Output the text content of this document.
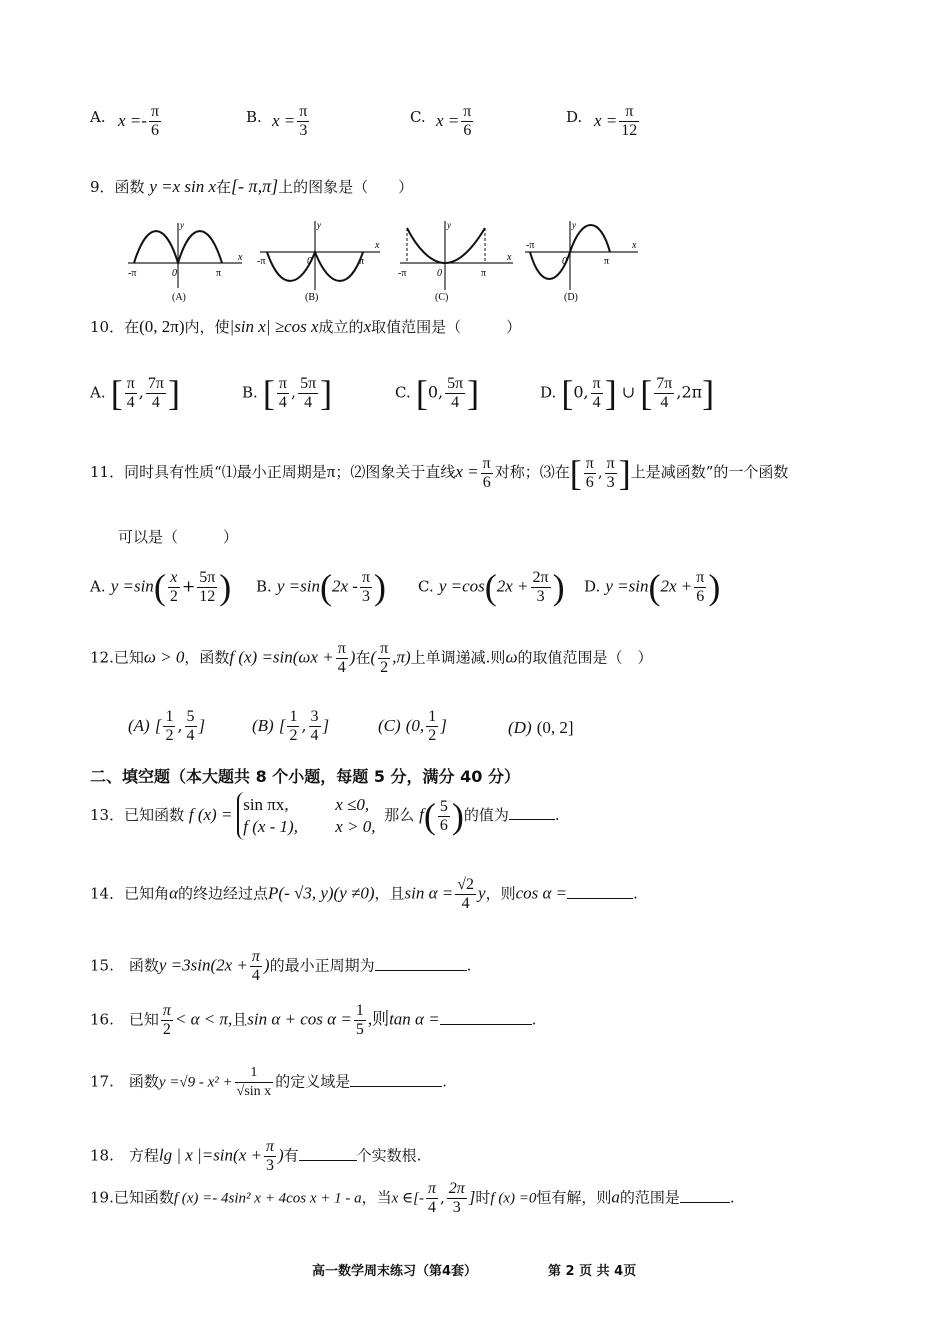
A. $x =- \frac{\pi}{6}$	B. $x = \frac{\pi}{3}$	C. $x = \frac{\pi}{6}$	D. $x = \frac{\pi}{12}$
9．函数 y =x sin x在[- π,π]上的图象是（　　）
y
x
-π	0	π
(A)
y
x
-π	0	π
(B)
y
x
-π	0	π
(C)
y
x
-π
0	π
(D)
10．在(0, 2π)内，使|sin x| ≥cos x成立的x取值范围是（　　　）
A. [ $\frac{\pi}{4}$ , $\frac{7\pi}{4}$ ]	B. [ $\frac{\pi}{4}$ , $\frac{5\pi}{4}$ ]	C. [0, $\frac{5\pi}{4}$ ]	D. [0, $\frac{\pi}{4}$ ] ∪ [ $\frac{7\pi}{4} ,2\pi$]
11．同时具有性质“⑴最小正周期是π；⑵图象关于直线$x = \frac{\pi}{6}$ 对称；⑶在[ $\frac{\pi}{6}$ , $\frac{\pi}{3}$ ]上是减函数”的一个函数
可以是（　　　）
A. $y =\sin( \frac{x}{2} + \frac{5\pi}{12}$ ) B. $y =\sin(2x - \frac{\pi}{3}$ ) C. $y =\cos(2x + \frac{2\pi}{3}$ ) D. $y =\sin(2x + \frac{\pi}{6}$ )
12.已知ω > 0，函数f $(x) =\sin(\omega x + \frac{\pi}{4}$ )在( $\frac{\pi}{2} ,\pi$)上单调递减.则ω的取值范围是（　）
(A) [ $\frac{1}{2}$ , $\frac{5}{4}$ ]	(B) [ $\frac{1}{2}$ , $\frac{3}{4}$ ]	(C) (0, $\frac{1}{2}$ ]	(D) (0, 2]
二、填空题（本大题共 8 个小题，每题 5 分，满分 40 分）
13．已知函数 f (x) =
sin πx,	x ≤0,
f (x - 1), x > 0,
那么 $f( \frac{5}{6}$ )的值为	.
14．已知角α的终边经过点P(- √3, y)(y ≠0)，且$\sin \alpha = \frac{√2}{4}$ y，则cos α =	.
15.　函数$y =3\sin(2x + \frac{\pi}{4}$ )的最小正周期为	.
16.　已知 $\frac{\pi}{2} < \alpha < \pi$,且$\sin \alpha + \cos \alpha = \frac{1}{5}$ ,则tan α =	.
17.　函数$y =√9 - x^2 + \frac{1}{\text{√sin x}}$ 的定义域是	.
18.　方程lg | x $|=\sin(x + \frac{\pi}{3}$ )有	个实数根.
19.已知函数f (x) =- 4sin² x + 4cos x + 1 - a，当x ∈[- $\frac{\pi}{4}$ , $\frac{2\pi}{3}$ ]时f (x) =0恒有解，则a的范围是	.
高一数学周末练习（第4套）	第 2 页 共 4页
